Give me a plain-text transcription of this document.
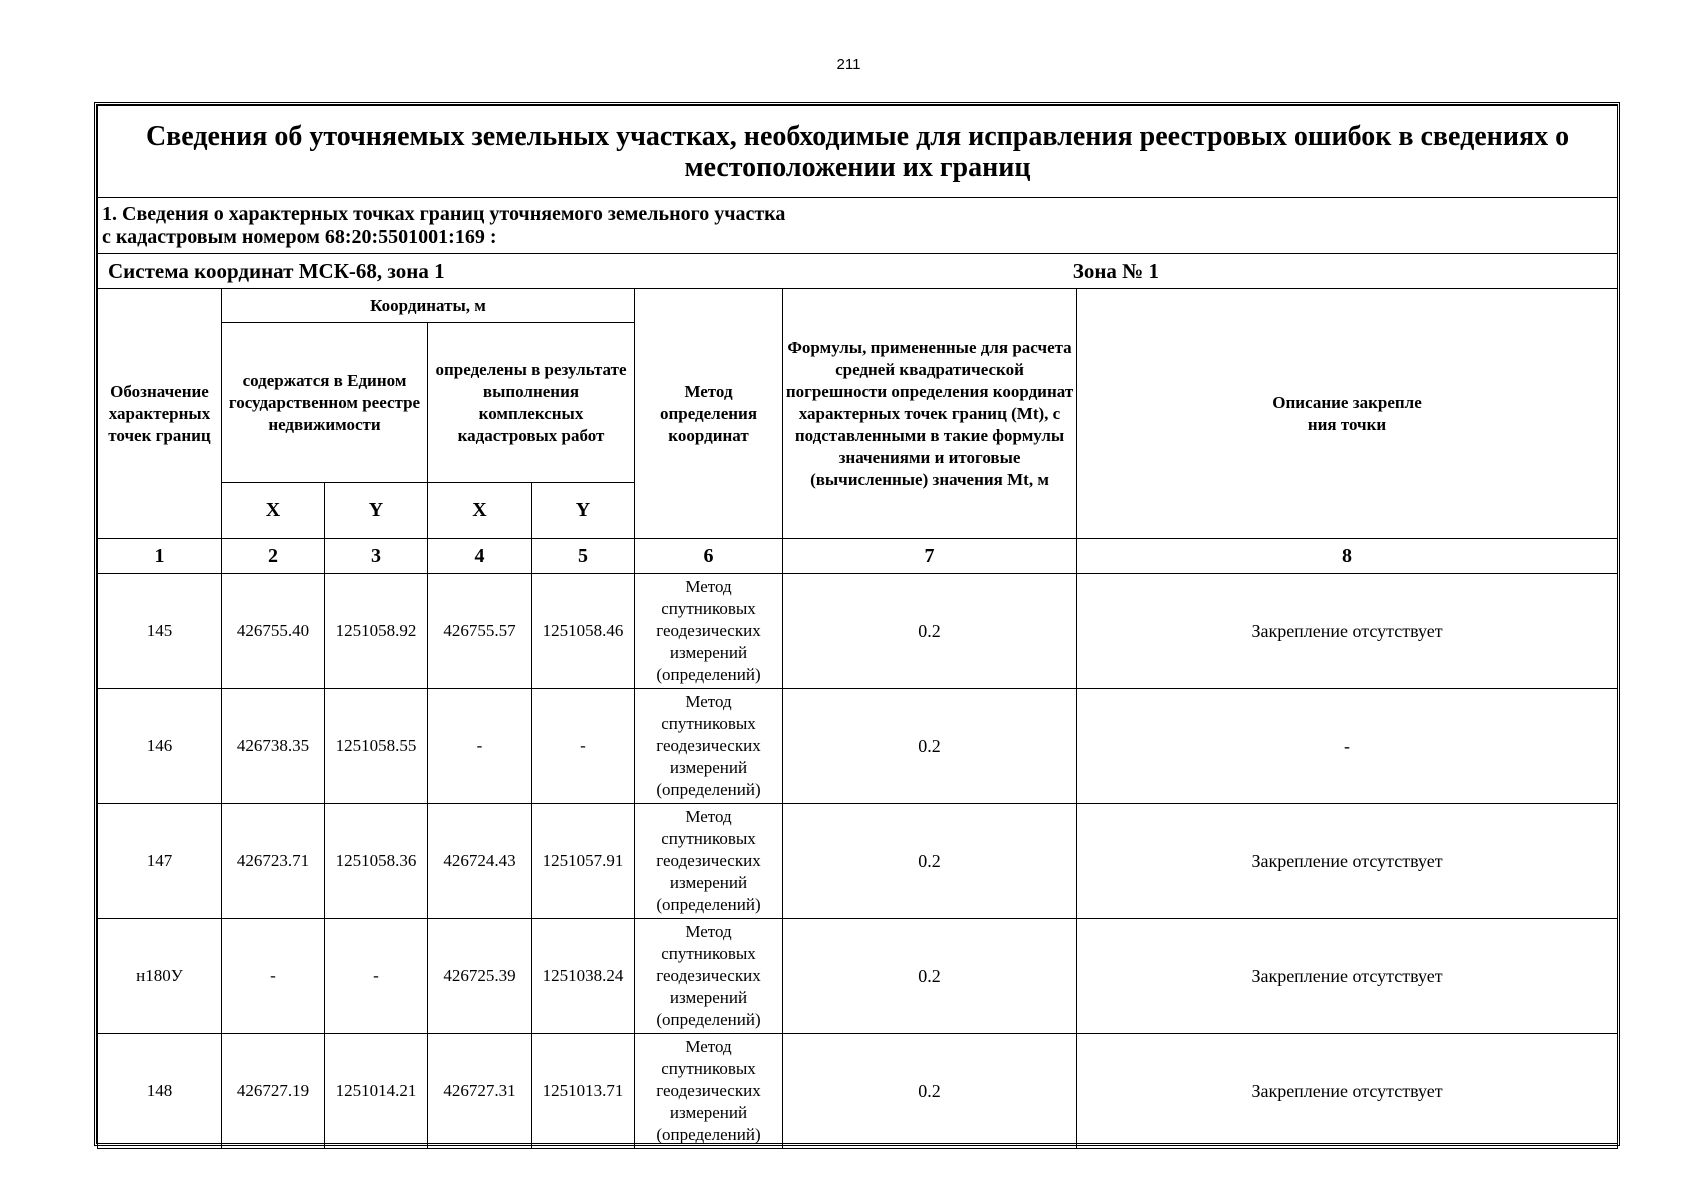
211
Сведения об уточняемых земельных участках, необходимые для исправления реестровых ошибок в сведениях о местоположении их границ							

1. Сведения о характерных точках границ уточняемого земельного участка
с кадастровым номером 68:20:5501001:169 :							

Система координат МСК-68, зона 1 Зона № 1							

Обозначение характерных точек границ	Координаты, м				Метод определения координат	Формулы, примененные для расчета средней квадратической погрешности определения координат характерных точек границ (Mt), с подставленными в такие формулы значениями и итоговые (вычисленные) значения Mt, м	Описание закрепле
ния точки

	содержатся в Едином государственном реестре недвижимости		определены в результате выполнения комплексных кадастровых работ				
	X	Y	X	Y			
1	2	3	4	5	6	7	8
145	426755.40	1251058.92	426755.57	1251058.46	Метод спутниковых геодезических измерений (определений)	0.2	Закрепление отсутствует
146	426738.35	1251058.55	-	-	Метод спутниковых геодезических измерений (определений)	0.2	-
147	426723.71	1251058.36	426724.43	1251057.91	Метод спутниковых геодезических измерений (определений)	0.2	Закрепление отсутствует
н180У	-	-	426725.39	1251038.24	Метод спутниковых геодезических измерений (определений)	0.2	Закрепление отсутствует
148	426727.19	1251014.21	426727.31	1251013.71	Метод спутниковых геодезических измерений (определений)	0.2	Закрепление отсутствует
